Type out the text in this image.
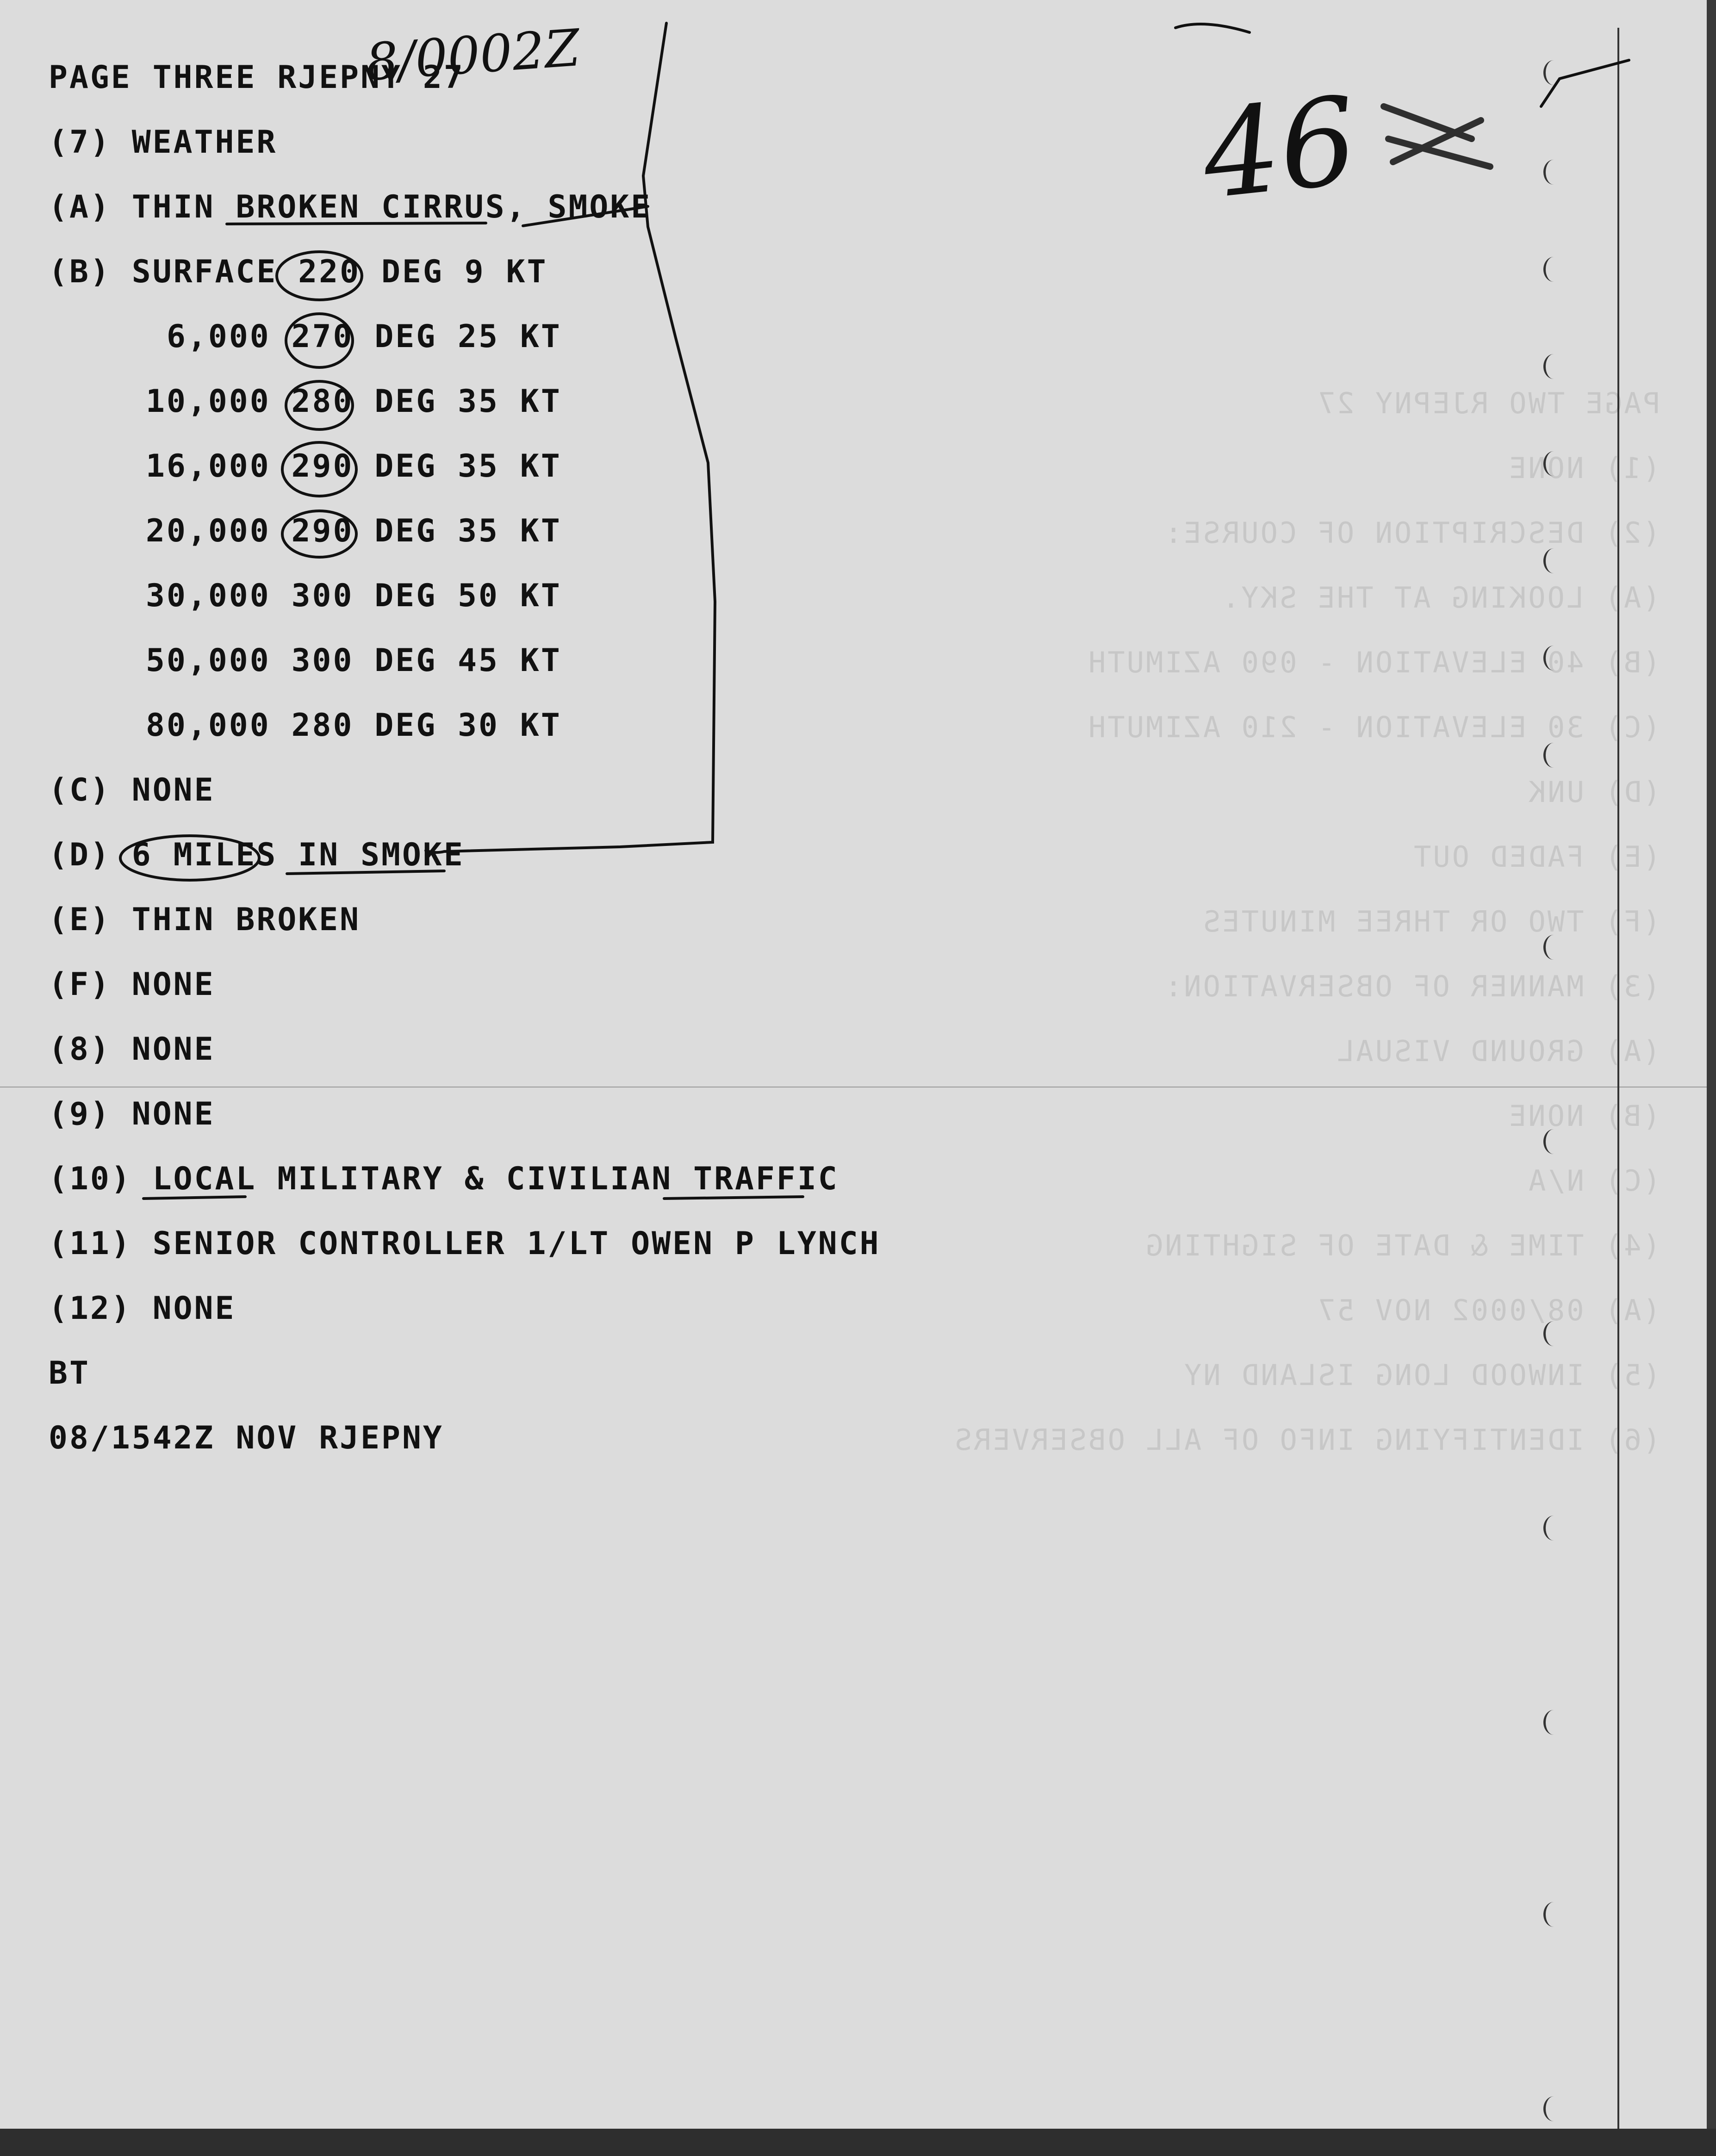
PAGE TWO RJEPNY 27
(1) NONE
(2) DESCRIPTION OF COURSE:
(A) LOOKING AT THE SKY.
(B) 40 ELEVATION - 090 AZIMUTH
(C) 30 ELEVATION - 210 AZIMUTH
(D) UNK
(E) FADED OUT
(F) TWO OR THREE MINUTES
(3) MANNER OF OBSERVATION:
(A) GROUND VISUAL
(B) NONE
(C) N/A
(4) TIME & DATE OF SIGHTING
(A) 08/0002 NOV 57
(5) INWOOD LONG ISLAND NY
(6) IDENTIFYING INFO OF ALL OBSERVERS
8/0002Z
46
PAGE THREE RJEPNY 27
(7) WEATHER
(A) THIN BROKEN CIRRUS, SMOKE
(B) SURFACE 220 DEG 9 KT
6,000 270 DEG 25 KT
10,000 280 DEG 35 KT
16,000 290 DEG 35 KT
20,000 290 DEG 35 KT
30,000 300 DEG 50 KT
50,000 300 DEG 45 KT
80,000 280 DEG 30 KT
(C) NONE
(D) 6 MILES IN SMOKE
(E) THIN BROKEN
(F) NONE
(8) NONE
(9) NONE
(10) LOCAL MILITARY & CIVILIAN TRAFFIC
(11) SENIOR CONTROLLER 1/LT OWEN P LYNCH
(12) NONE
BT
08/1542Z NOV RJEPNY
